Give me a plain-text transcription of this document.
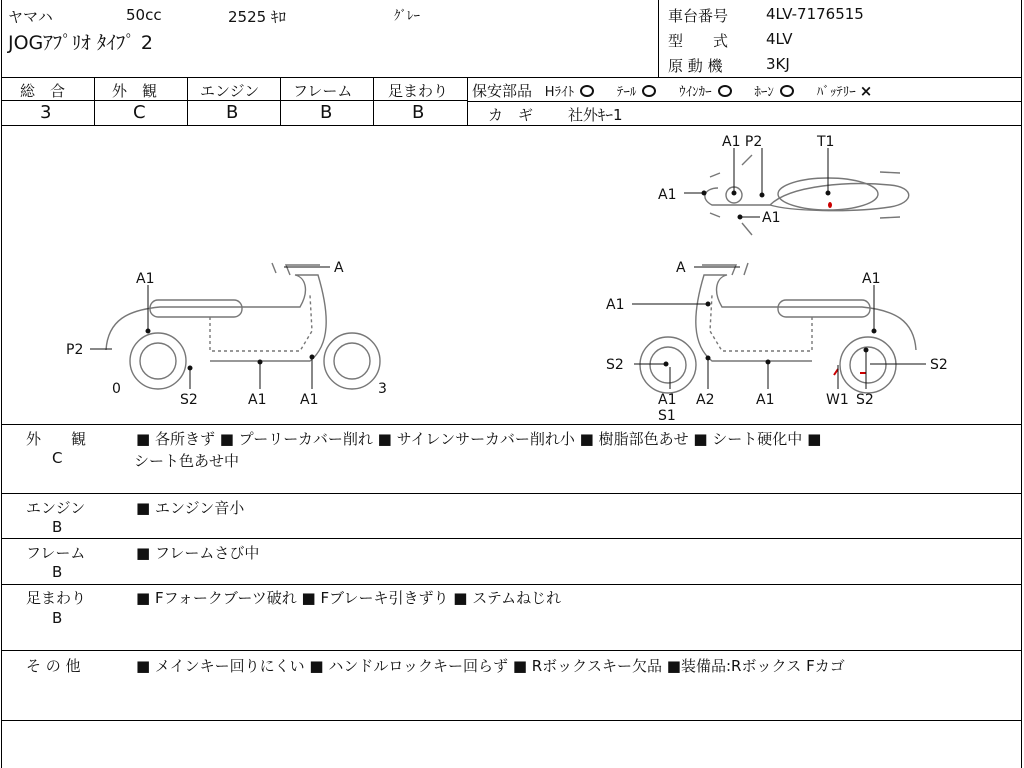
ヤマハ	50cc	2525 ｷﾛ	ｸﾞﾚｰ
JOGｱﾌﾟﾘｵ ﾀｲﾌﾟ 2
車台番号	4LV-7176515
型　　式	4LV
原 動 機	3KJ
総　合
3
外　観
C
エンジン
B
フレーム
B
足まわり
B
保安部品 Hﾗｲﾄ	ﾃｰﾙ	ｳｲﾝｶｰ	ﾎｰﾝ	ﾊﾞｯﾃﾘｰ ×
カ　ギ 社外ｷｰ1
A1 P2	T1
A1
A1
A
A1
P2
0
S2	A1 A1
3
A
A1
A1
S2	S2
A1
S1
A2	A1	W1 S2
外　　観
C
■ 各所きず ■ プーリーカバー削れ ■ サイレンサーカバー削れ小 ■ 樹脂部色あせ ■ シート硬化中 ■
シート色あせ中
エンジン
B
■ エンジン音小
フレーム
B
■ フレームさび中
足まわり
B
■ Fフォークブーツ破れ ■ Fブレーキ引きずり ■ ステムねじれ
そ の 他	■ メインキー回りにくい ■ ハンドルロックキー回らず ■ Rボックスキー欠品 ■装備品:Rボックス Fカゴ
